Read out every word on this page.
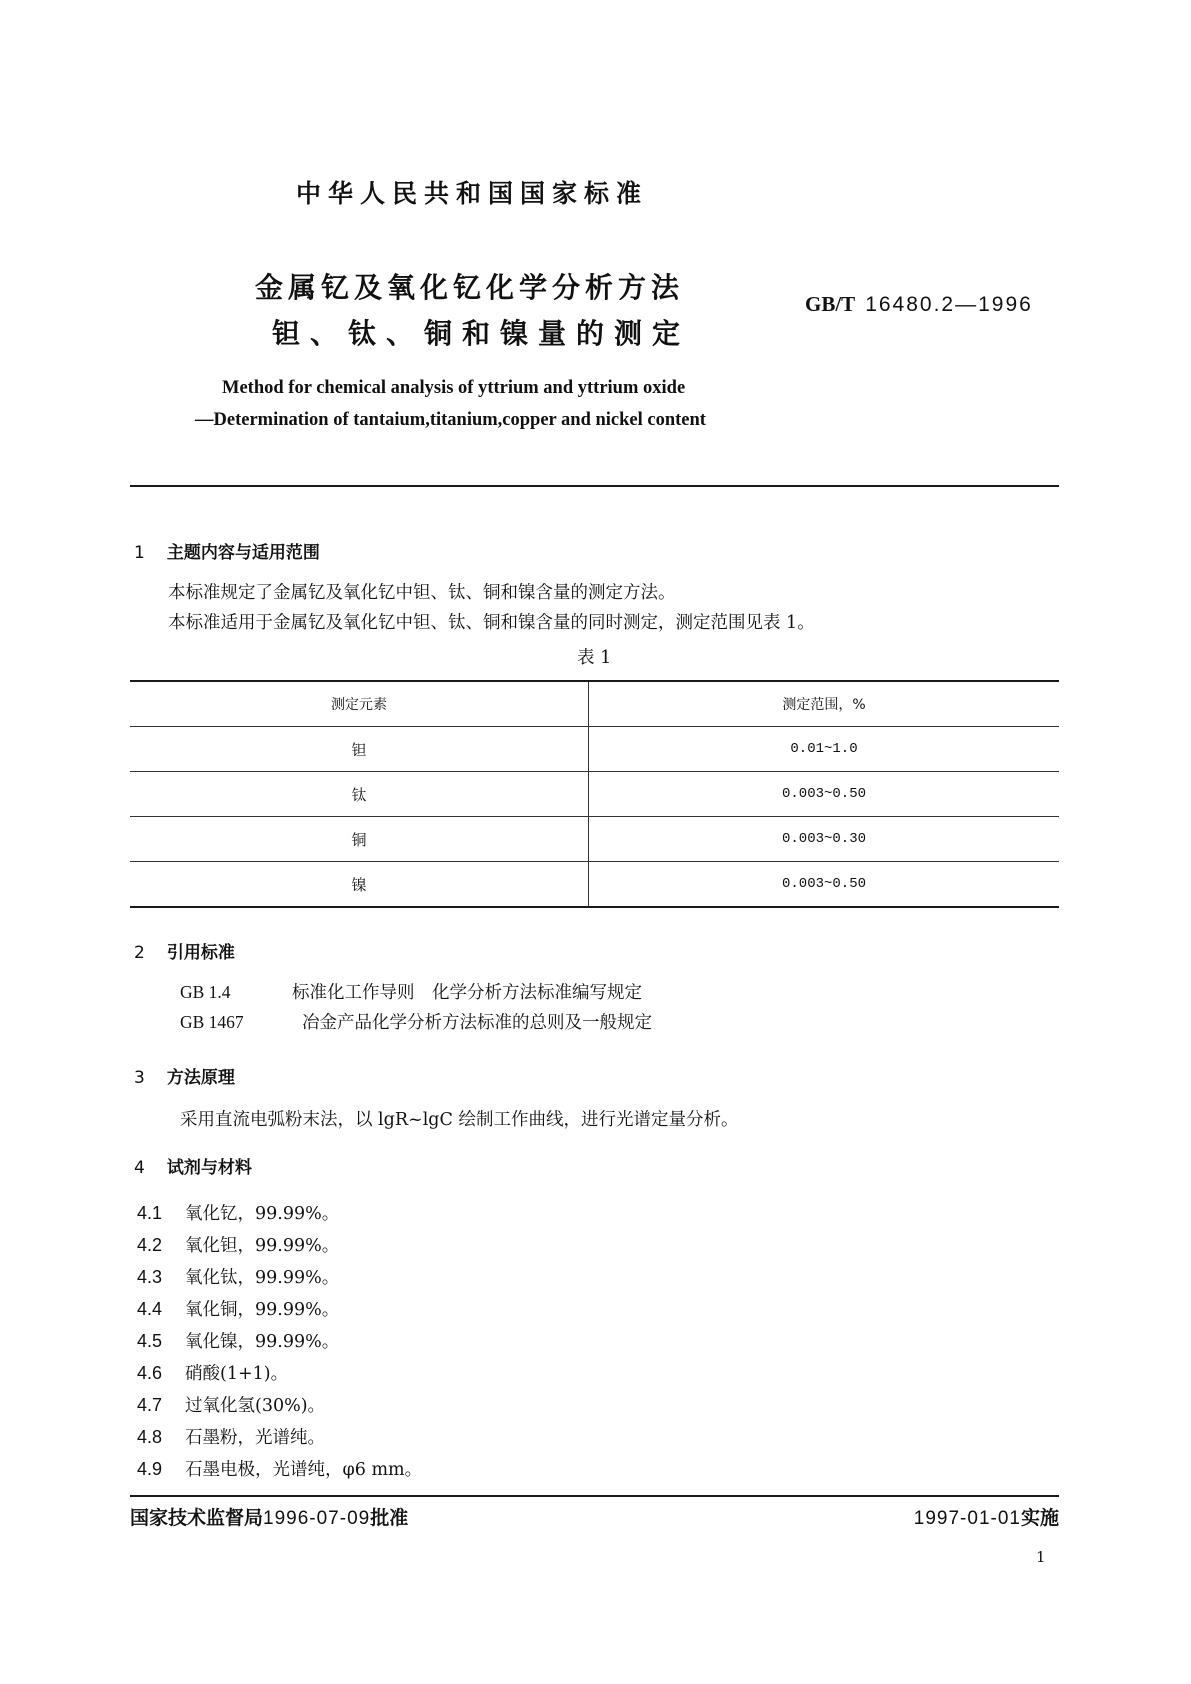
中华人民共和国国家标准
金属钇及氧化钇化学分析方法
钽、钛、铜和镍量的测定
GB/T 16480.2—1996
Method for chemical analysis of yttrium and yttrium oxide
—Determination of tantaium,titanium,copper and nickel content
1 主题内容与适用范围
本标准规定了金属钇及氧化钇中钽、钛、铜和镍含量的测定方法。
本标准适用于金属钇及氧化钇中钽、钛、铜和镍含量的同时测定，测定范围见表 1。
表 1
测定元素	测定范围，%
钽	0.01~1.0
钛	0.003~0.50
铜	0.003~0.30
镍	0.003~0.50
2 引用标准
GB 1.4	标准化工作导则　化学分析方法标准编写规定
GB 1467	冶金产品化学分析方法标准的总则及一般规定
3 方法原理
采用直流电弧粉末法，以 lgR~lgC 绘制工作曲线，进行光谱定量分析。
4 试剂与材料
4.1 氧化钇，99.99%。
4.2 氧化钽，99.99%。
4.3 氧化钛，99.99%。
4.4 氧化铜，99.99%。
4.5 氧化镍，99.99%。
4.6 硝酸(1+1)。
4.7 过氧化氢(30%)。
4.8 石墨粉，光谱纯。
4.9 石墨电极，光谱纯，φ6 mm。
国家技术监督局1996-07-09批准	1997-01-01实施
1
